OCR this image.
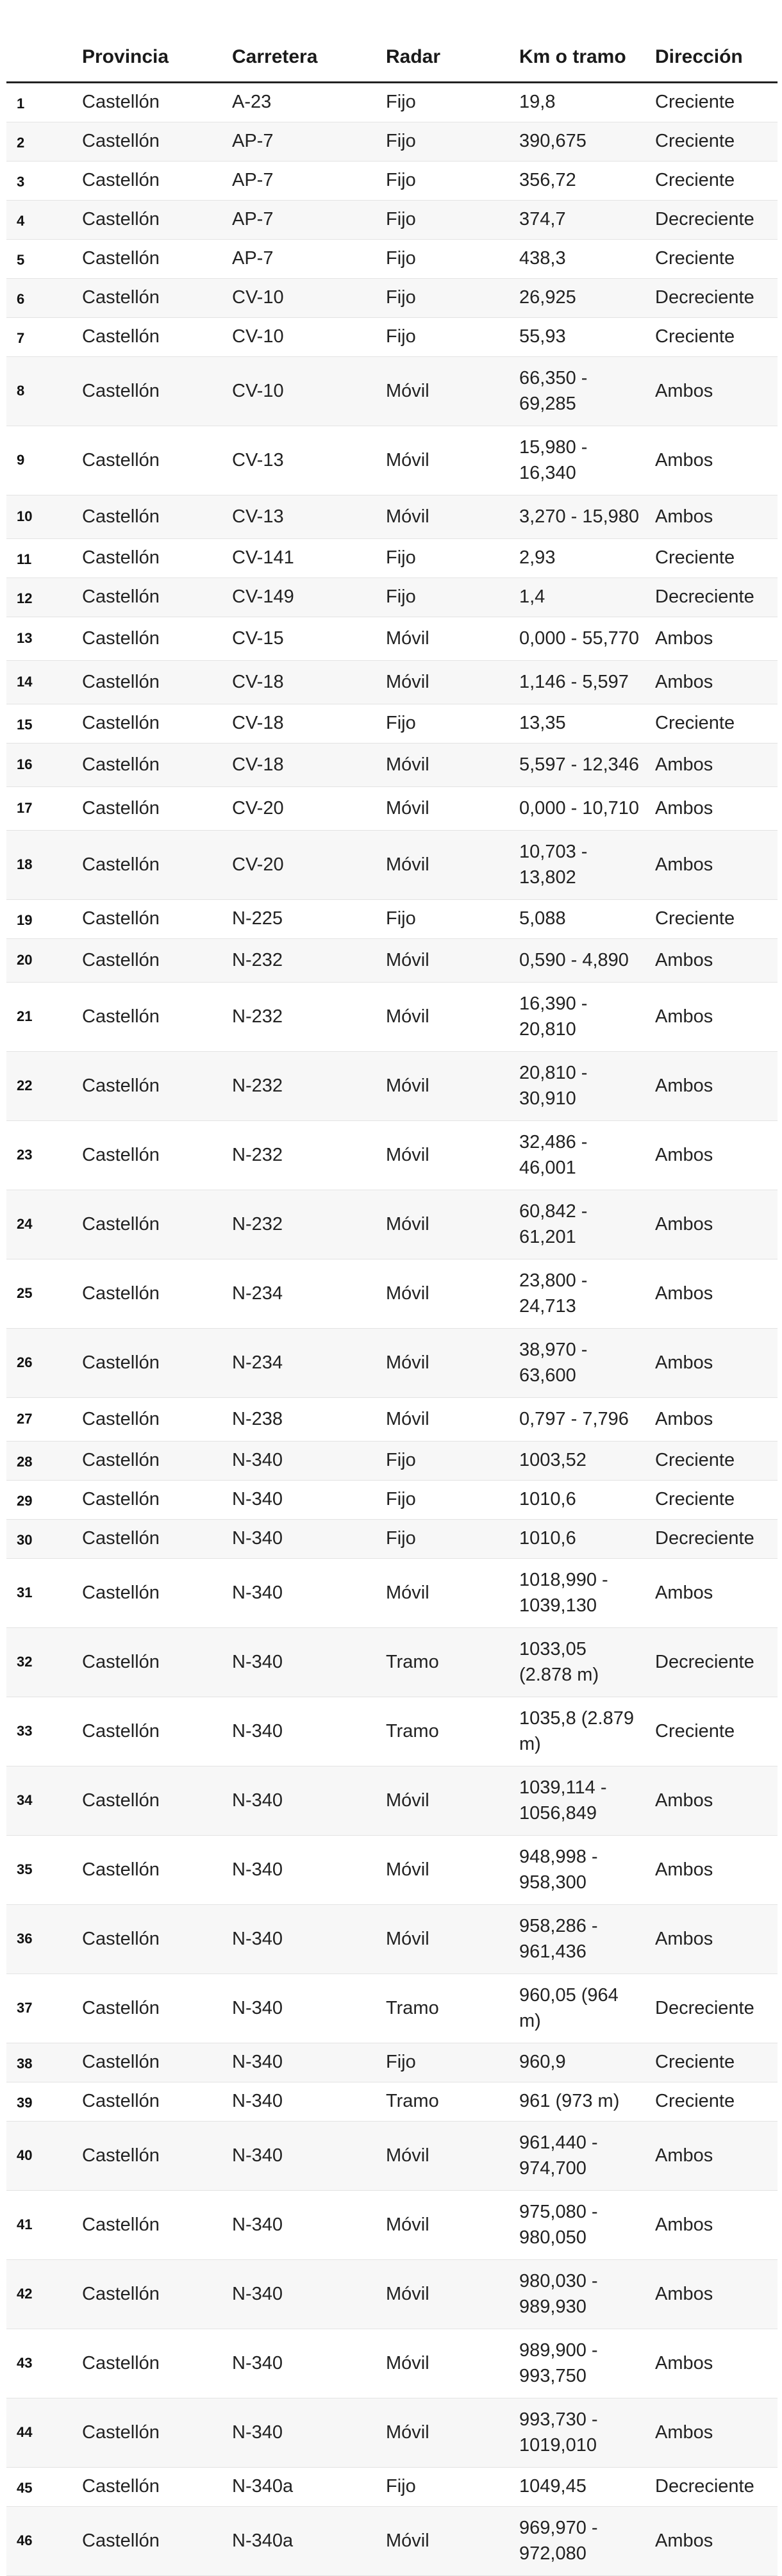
	Provincia	Carretera	Radar	Km o tramo	Dirección
1	Castellón	A-23	Fijo	19,8	Creciente
2	Castellón	AP-7	Fijo	390,675	Creciente
3	Castellón	AP-7	Fijo	356,72	Creciente
4	Castellón	AP-7	Fijo	374,7	Decreciente
5	Castellón	AP-7	Fijo	438,3	Creciente
6	Castellón	CV-10	Fijo	26,925	Decreciente
7	Castellón	CV-10	Fijo	55,93	Creciente
8	Castellón	CV-10	Móvil	66,350 - 69,285	Ambos
9	Castellón	CV-13	Móvil	15,980 - 16,340	Ambos
10	Castellón	CV-13	Móvil	3,270 - 15,980	Ambos
11	Castellón	CV-141	Fijo	2,93	Creciente
12	Castellón	CV-149	Fijo	1,4	Decreciente
13	Castellón	CV-15	Móvil	0,000 - 55,770	Ambos
14	Castellón	CV-18	Móvil	1,146 - 5,597	Ambos
15	Castellón	CV-18	Fijo	13,35	Creciente
16	Castellón	CV-18	Móvil	5,597 - 12,346	Ambos
17	Castellón	CV-20	Móvil	0,000 - 10,710	Ambos
18	Castellón	CV-20	Móvil	10,703 - 13,802	Ambos
19	Castellón	N-225	Fijo	5,088	Creciente
20	Castellón	N-232	Móvil	0,590 - 4,890	Ambos
21	Castellón	N-232	Móvil	16,390 - 20,810	Ambos
22	Castellón	N-232	Móvil	20,810 - 30,910	Ambos
23	Castellón	N-232	Móvil	32,486 - 46,001	Ambos
24	Castellón	N-232	Móvil	60,842 - 61,201	Ambos
25	Castellón	N-234	Móvil	23,800 - 24,713	Ambos
26	Castellón	N-234	Móvil	38,970 - 63,600	Ambos
27	Castellón	N-238	Móvil	0,797 - 7,796	Ambos
28	Castellón	N-340	Fijo	1003,52	Creciente
29	Castellón	N-340	Fijo	1010,6	Creciente
30	Castellón	N-340	Fijo	1010,6	Decreciente
31	Castellón	N-340	Móvil	1018,990 - 1039,130	Ambos
32	Castellón	N-340	Tramo	1033,05 (2.878 m)	Decreciente
33	Castellón	N-340	Tramo	1035,8 (2.879 m)	Creciente
34	Castellón	N-340	Móvil	1039,114 - 1056,849	Ambos
35	Castellón	N-340	Móvil	948,998 - 958,300	Ambos
36	Castellón	N-340	Móvil	958,286 - 961,436	Ambos
37	Castellón	N-340	Tramo	960,05 (964 m)	Decreciente
38	Castellón	N-340	Fijo	960,9	Creciente
39	Castellón	N-340	Tramo	961 (973 m)	Creciente
40	Castellón	N-340	Móvil	961,440 - 974,700	Ambos
41	Castellón	N-340	Móvil	975,080 - 980,050	Ambos
42	Castellón	N-340	Móvil	980,030 - 989,930	Ambos
43	Castellón	N-340	Móvil	989,900 - 993,750	Ambos
44	Castellón	N-340	Móvil	993,730 - 1019,010	Ambos
45	Castellón	N-340a	Fijo	1049,45	Decreciente
46	Castellón	N-340a	Móvil	969,970 - 972,080	Ambos
